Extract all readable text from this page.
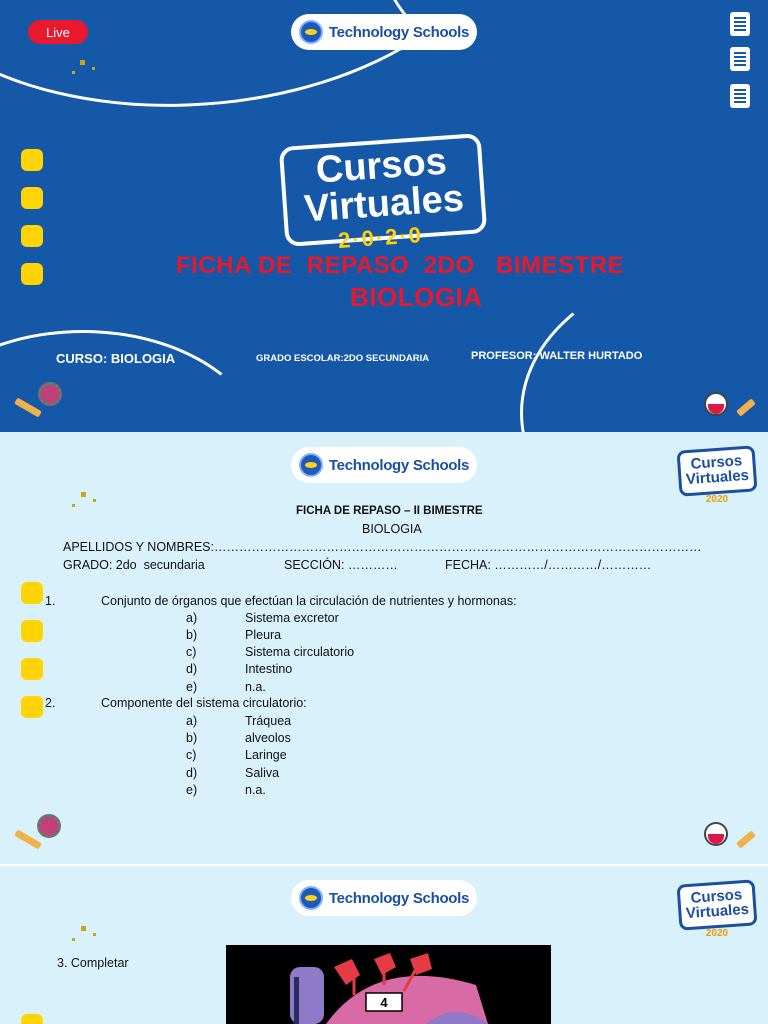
Live	Technology Schools
Cursos
Virtuales
2·0·2·0
FICHA DE  REPASO  2DO   BIMESTRE
BIOLOGIA
CURSO: BIOLOGIA	GRADO ESCOLAR:2DO SECUNDARIA	PROFESOR: WALTER HURTADO
Technology Schools	Cursos
Virtuales
2020
FICHA DE REPASO – II BIMESTRE
BIOLOGIA
APELLIDOS Y NOMBRES:………………………………………………………………………………………………………
GRADO: 2do  secundaria	SECCIÓN: …………	FECHA: …………/…………/…………
1.	Conjunto de órganos que efectúan la circulación de nutrientes y hormonas:
a)	Sistema excretor
b)	Pleura
c)	Sistema circulatorio
d)	Intestino
e)	n.a.
2.	Componente del sistema circulatorio:
a)	Tráquea
b)	alveolos
c)	Laringe
d)	Saliva
e)	n.a.
Technology Schools	Cursos
Virtuales
2020
3. Completar
4
